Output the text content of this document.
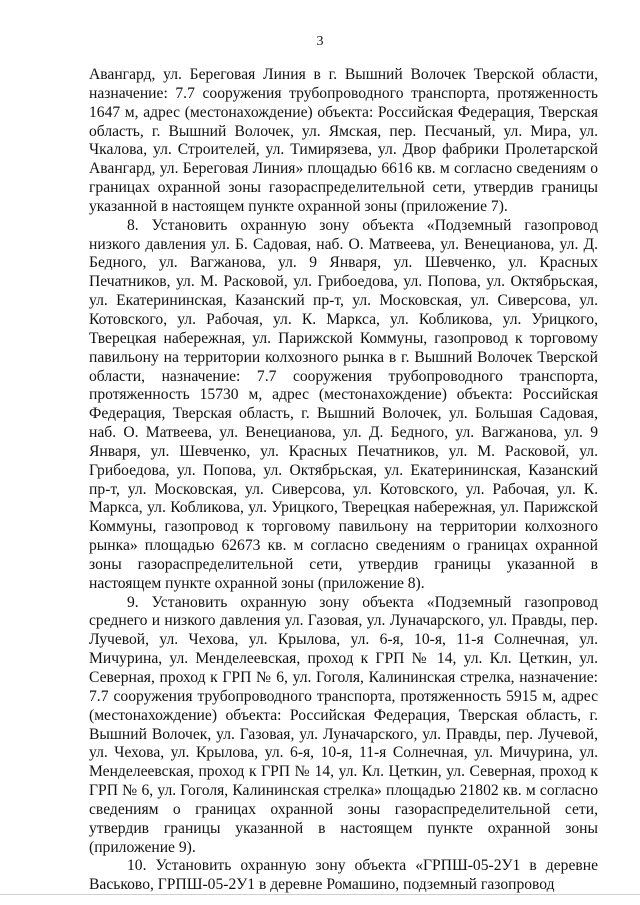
3

Авангард, ул. Береговая Линия в г. Вышний Волочек Тверской области, назначение: 7.7 сооружения трубопроводного транспорта, протяженность 1647 м, адрес (местонахождение) объекта: Российская Федерация, Тверская область, г. Вышний Волочек, ул. Ямская, пер. Песчаный, ул. Мира, ул. Чкалова, ул. Строителей, ул. Тимирязева, ул. Двор фабрики Пролетарской Авангард, ул. Береговая Линия» площадью 6616 кв. м согласно сведениям о границах охранной зоны газораспределительной сети, утвердив границы указанной в настоящем пункте охранной зоны (приложение 7).

8. Установить охранную зону объекта «Подземный газопровод низкого давления ул. Б. Садовая, наб. О. Матвеева, ул. Венецианова, ул. Д. Бедного, ул. Вагжанова, ул. 9 Января, ул. Шевченко, ул. Красных Печатников, ул. М. Расковой, ул. Грибоедова, ул. Попова, ул. Октябрьская, ул. Екатерининская, Казанский пр-т, ул. Московская, ул. Сиверсова, ул. Котовского, ул. Рабочая, ул. К. Маркса, ул. Кобликова, ул. Урицкого, Тверецкая набережная, ул. Парижской Коммуны, газопровод к торговому павильону на территории колхозного рынка в г. Вышний Волочек Тверской области, назначение: 7.7 сооружения трубопроводного транспорта, протяженность 15730 м, адрес (местонахождение) объекта: Российская Федерация, Тверская область, г. Вышний Волочек, ул. Большая Садовая, наб. О. Матвеева, ул. Венецианова, ул. Д. Бедного, ул. Вагжанова, ул. 9 Января, ул. Шевченко, ул. Красных Печатников, ул. М. Расковой, ул. Грибоедова, ул. Попова, ул. Октябрьская, ул. Екатерининская, Казанский пр-т, ул. Московская, ул. Сиверсова, ул. Котовского, ул. Рабочая, ул. К. Маркса, ул. Кобликова, ул. Урицкого, Тверецкая набережная, ул. Парижской Коммуны, газопровод к торговому павильону на территории колхозного рынка» площадью 62673 кв. м согласно сведениям о границах охранной зоны газораспределительной сети, утвердив границы указанной в настоящем пункте охранной зоны (приложение 8).

9. Установить охранную зону объекта «Подземный газопровод среднего и низкого давления ул. Газовая, ул. Луначарского, ул. Правды, пер. Лучевой, ул. Чехова, ул. Крылова, ул. 6-я, 10-я, 11-я Солнечная, ул. Мичурина, ул. Менделеевская, проход к ГРП № 14, ул. Кл. Цеткин, ул. Северная, проход к ГРП № 6, ул. Гоголя, Калининская стрелка, назначение: 7.7 сооружения трубопроводного транспорта, протяженность 5915 м, адрес (местонахождение) объекта: Российская Федерация, Тверская область, г. Вышний Волочек, ул. Газовая, ул. Луначарского, ул. Правды, пер. Лучевой, ул. Чехова, ул. Крылова, ул. 6-я, 10-я, 11-я Солнечная, ул. Мичурина, ул. Менделеевская, проход к ГРП № 14, ул. Кл. Цеткин, ул. Северная, проход к ГРП № 6, ул. Гоголя, Калининская стрелка» площадью 21802 кв. м согласно сведениям о границах охранной зоны газораспределительной сети, утвердив границы указанной в настоящем пункте охранной зоны (приложение 9).

10. Установить охранную зону объекта «ГРПШ-05-2У1 в деревне Васьково, ГРПШ-05-2У1 в деревне Ромашино, подземный газопровод
